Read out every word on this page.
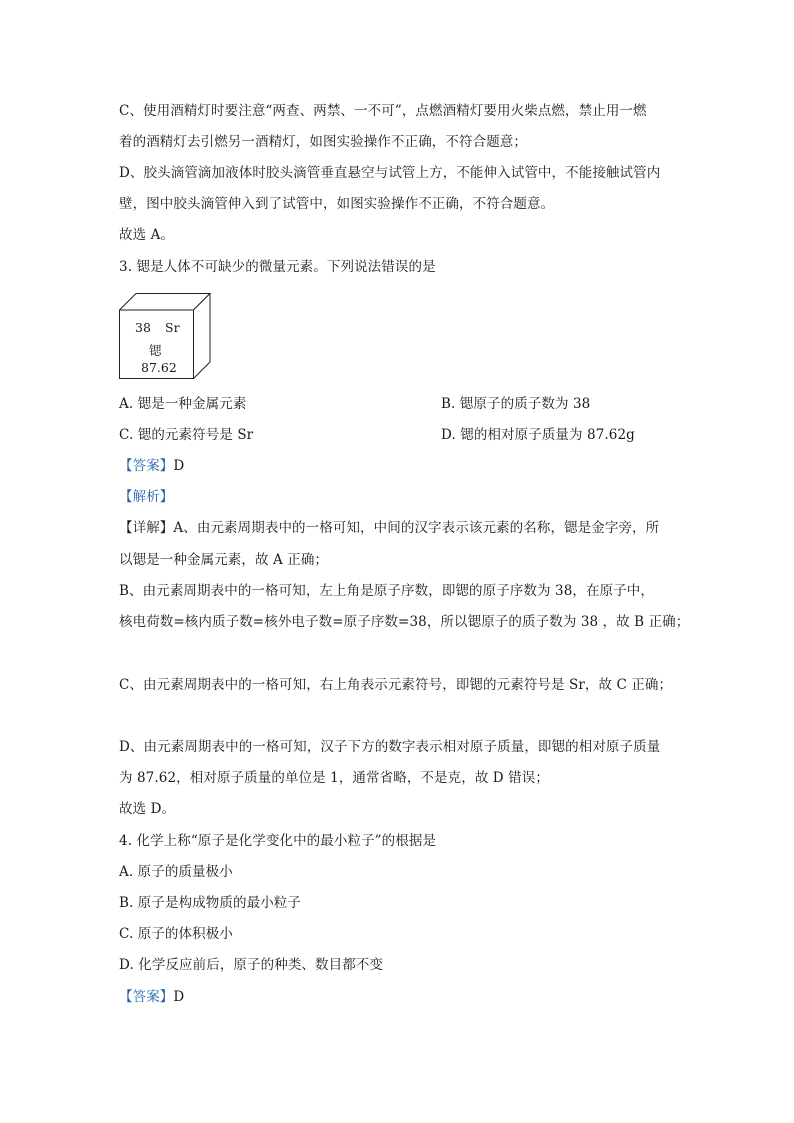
C、使用酒精灯时要注意“两查、两禁、一不可”，点燃酒精灯要用火柴点燃，禁止用一燃
着的酒精灯去引燃另一酒精灯，如图实验操作不正确，不符合题意；
D、胶头滴管滴加液体时胶头滴管垂直悬空与试管上方，不能伸入试管中，不能接触试管内
壁，图中胶头滴管伸入到了试管中，如图实验操作不正确，不符合题意。
故选 A。
3. 锶是人体不可缺少的微量元素。下列说法错误的是
38 Sr
锶
87.62
A. 锶是一种金属元素	B. 锶原子的质子数为 38
C. 锶的元素符号是 Sr	D. 锶的相对原子质量为 87.62g
【答案】D
【解析】
【详解】A、由元素周期表中的一格可知，中间的汉字表示该元素的名称，锶是金字旁，所
以锶是一种金属元素，故 A 正确；
B、由元素周期表中的一格可知，左上角是原子序数，即锶的原子序数为 38，在原子中，
核电荷数=核内质子数=核外电子数=原子序数=38，所以锶原子的质子数为 38 ，故 B 正确；
C、由元素周期表中的一格可知，右上角表示元素符号，即锶的元素符号是 Sr，故 C 正确；
D、由元素周期表中的一格可知，汉子下方的数字表示相对原子质量，即锶的相对原子质量
为 87.62，相对原子质量的单位是 1，通常省略，不是克，故 D 错误；
故选 D。
4. 化学上称“原子是化学变化中的最小粒子”的根据是
A. 原子的质量极小
B. 原子是构成物质的最小粒子
C. 原子的体积极小
D. 化学反应前后，原子的种类、数目都不变
【答案】D
